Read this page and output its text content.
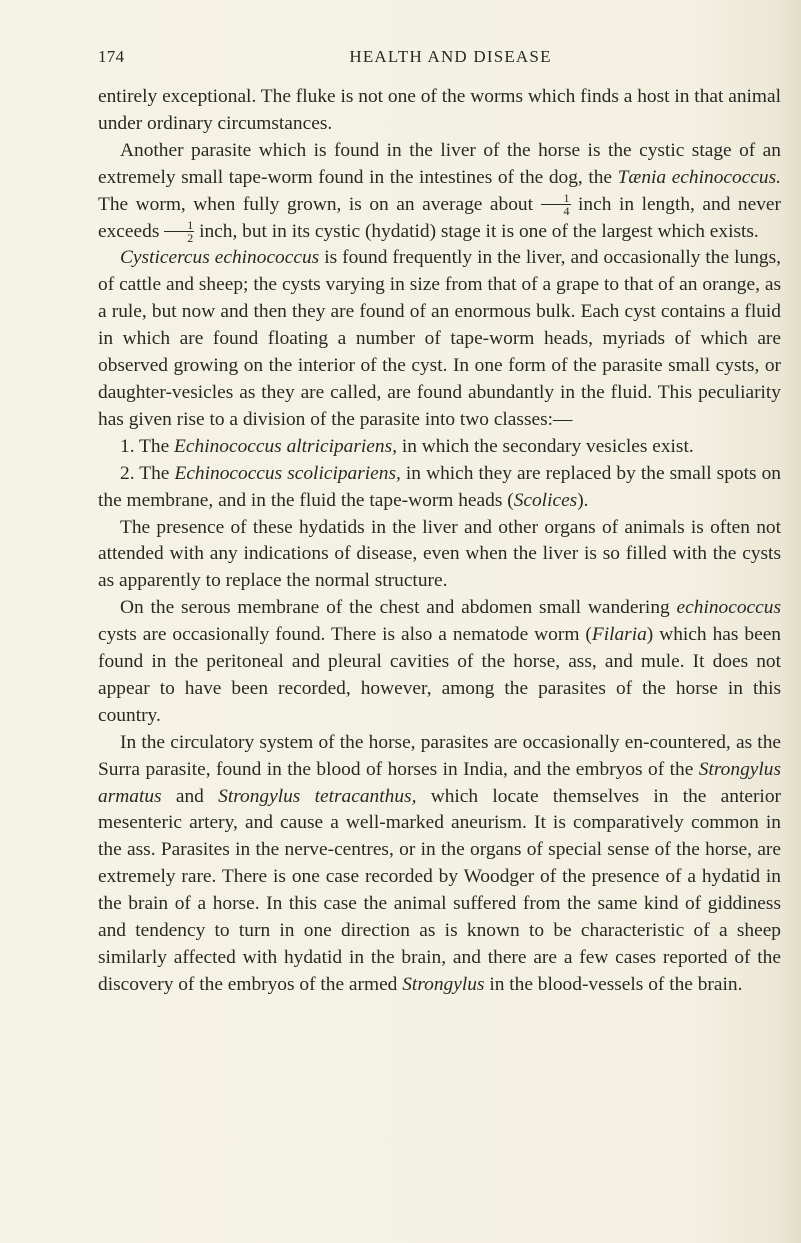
174	HEALTH AND DISEASE

entirely exceptional. The fluke is not one of the worms which finds a host in that animal under ordinary circumstances.

Another parasite which is found in the liver of the horse is the cystic stage of an extremely small tape-worm found in the intestines of the dog, the Tænia echinococcus. The worm, when fully grown, is on an average about $\frac{1}{4}$ inch in length, and never exceeds $\frac{1}{2}$ inch, but in its cystic (hydatid) stage it is one of the largest which exists.

Cysticercus echinococcus is found frequently in the liver, and occasionally the lungs, of cattle and sheep; the cysts varying in size from that of a grape to that of an orange, as a rule, but now and then they are found of an enormous bulk. Each cyst contains a fluid in which are found floating a number of tape-worm heads, myriads of which are observed growing on the interior of the cyst. In one form of the parasite small cysts, or daughter-vesicles as they are called, are found abundantly in the fluid. This peculiarity has given rise to a division of the parasite into two classes:—

1. The Echinococcus altricipariens, in which the secondary vesicles exist.

2. The Echinococcus scolicipariens, in which they are replaced by the small spots on the membrane, and in the fluid the tape-worm heads (Scolices).

The presence of these hydatids in the liver and other organs of animals is often not attended with any indications of disease, even when the liver is so filled with the cysts as apparently to replace the normal structure.

On the serous membrane of the chest and abdomen small wandering echinococcus cysts are occasionally found. There is also a nematode worm (Filaria) which has been found in the peritoneal and pleural cavities of the horse, ass, and mule. It does not appear to have been recorded, however, among the parasites of the horse in this country.

In the circulatory system of the horse, parasites are occasionally en-countered, as the Surra parasite, found in the blood of horses in India, and the embryos of the Strongylus armatus and Strongylus tetracanthus, which locate themselves in the anterior mesenteric artery, and cause a well-marked aneurism. It is comparatively common in the ass. Parasites in the nerve-centres, or in the organs of special sense of the horse, are extremely rare. There is one case recorded by Woodger of the presence of a hydatid in the brain of a horse. In this case the animal suffered from the same kind of giddiness and tendency to turn in one direction as is known to be characteristic of a sheep similarly affected with hydatid in the brain, and there are a few cases reported of the discovery of the embryos of the armed Strongylus in the blood-vessels of the brain.
